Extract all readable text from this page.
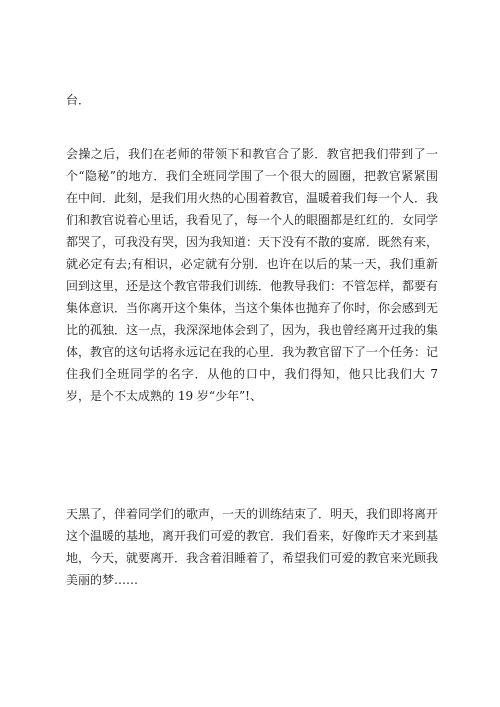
台．
会操之后，我们在老师的带领下和教官合了影．教官把我们带到了一个“隐秘”的地方．我们全班同学围了一个很大的圆圈，把教官紧紧围在中间．此刻，是我们用火热的心围着教官，温暖着我们每一个人．我们和教官说着心里话，我看见了，每一个人的眼圈都是红红的．女同学都哭了，可我没有哭，因为我知道：天下没有不散的宴席．既然有来，就必定有去;有相识，必定就有分别．也许在以后的某一天，我们重新回到这里，还是这个教官带我们训练．他教导我们：不管怎样，都要有集体意识．当你离开这个集体，当这个集体也抛弃了你时，你会感到无比的孤独．这一点，我深深地体会到了，因为，我也曾经离开过我的集体，教官的这句话将永远记在我的心里．我为教官留下了一个任务：记住我们全班同学的名字．从他的口中，我们得知，他只比我们大 7 岁，是个不太成熟的 19 岁“少年”!、
天黑了，伴着同学们的歌声，一天的训练结束了．明天，我们即将离开这个温暖的基地，离开我们可爱的教官．我们看来，好像昨天才来到基地，今天，就要离开．我含着泪睡着了，希望我们可爱的教官来光顾我美丽的梦……
